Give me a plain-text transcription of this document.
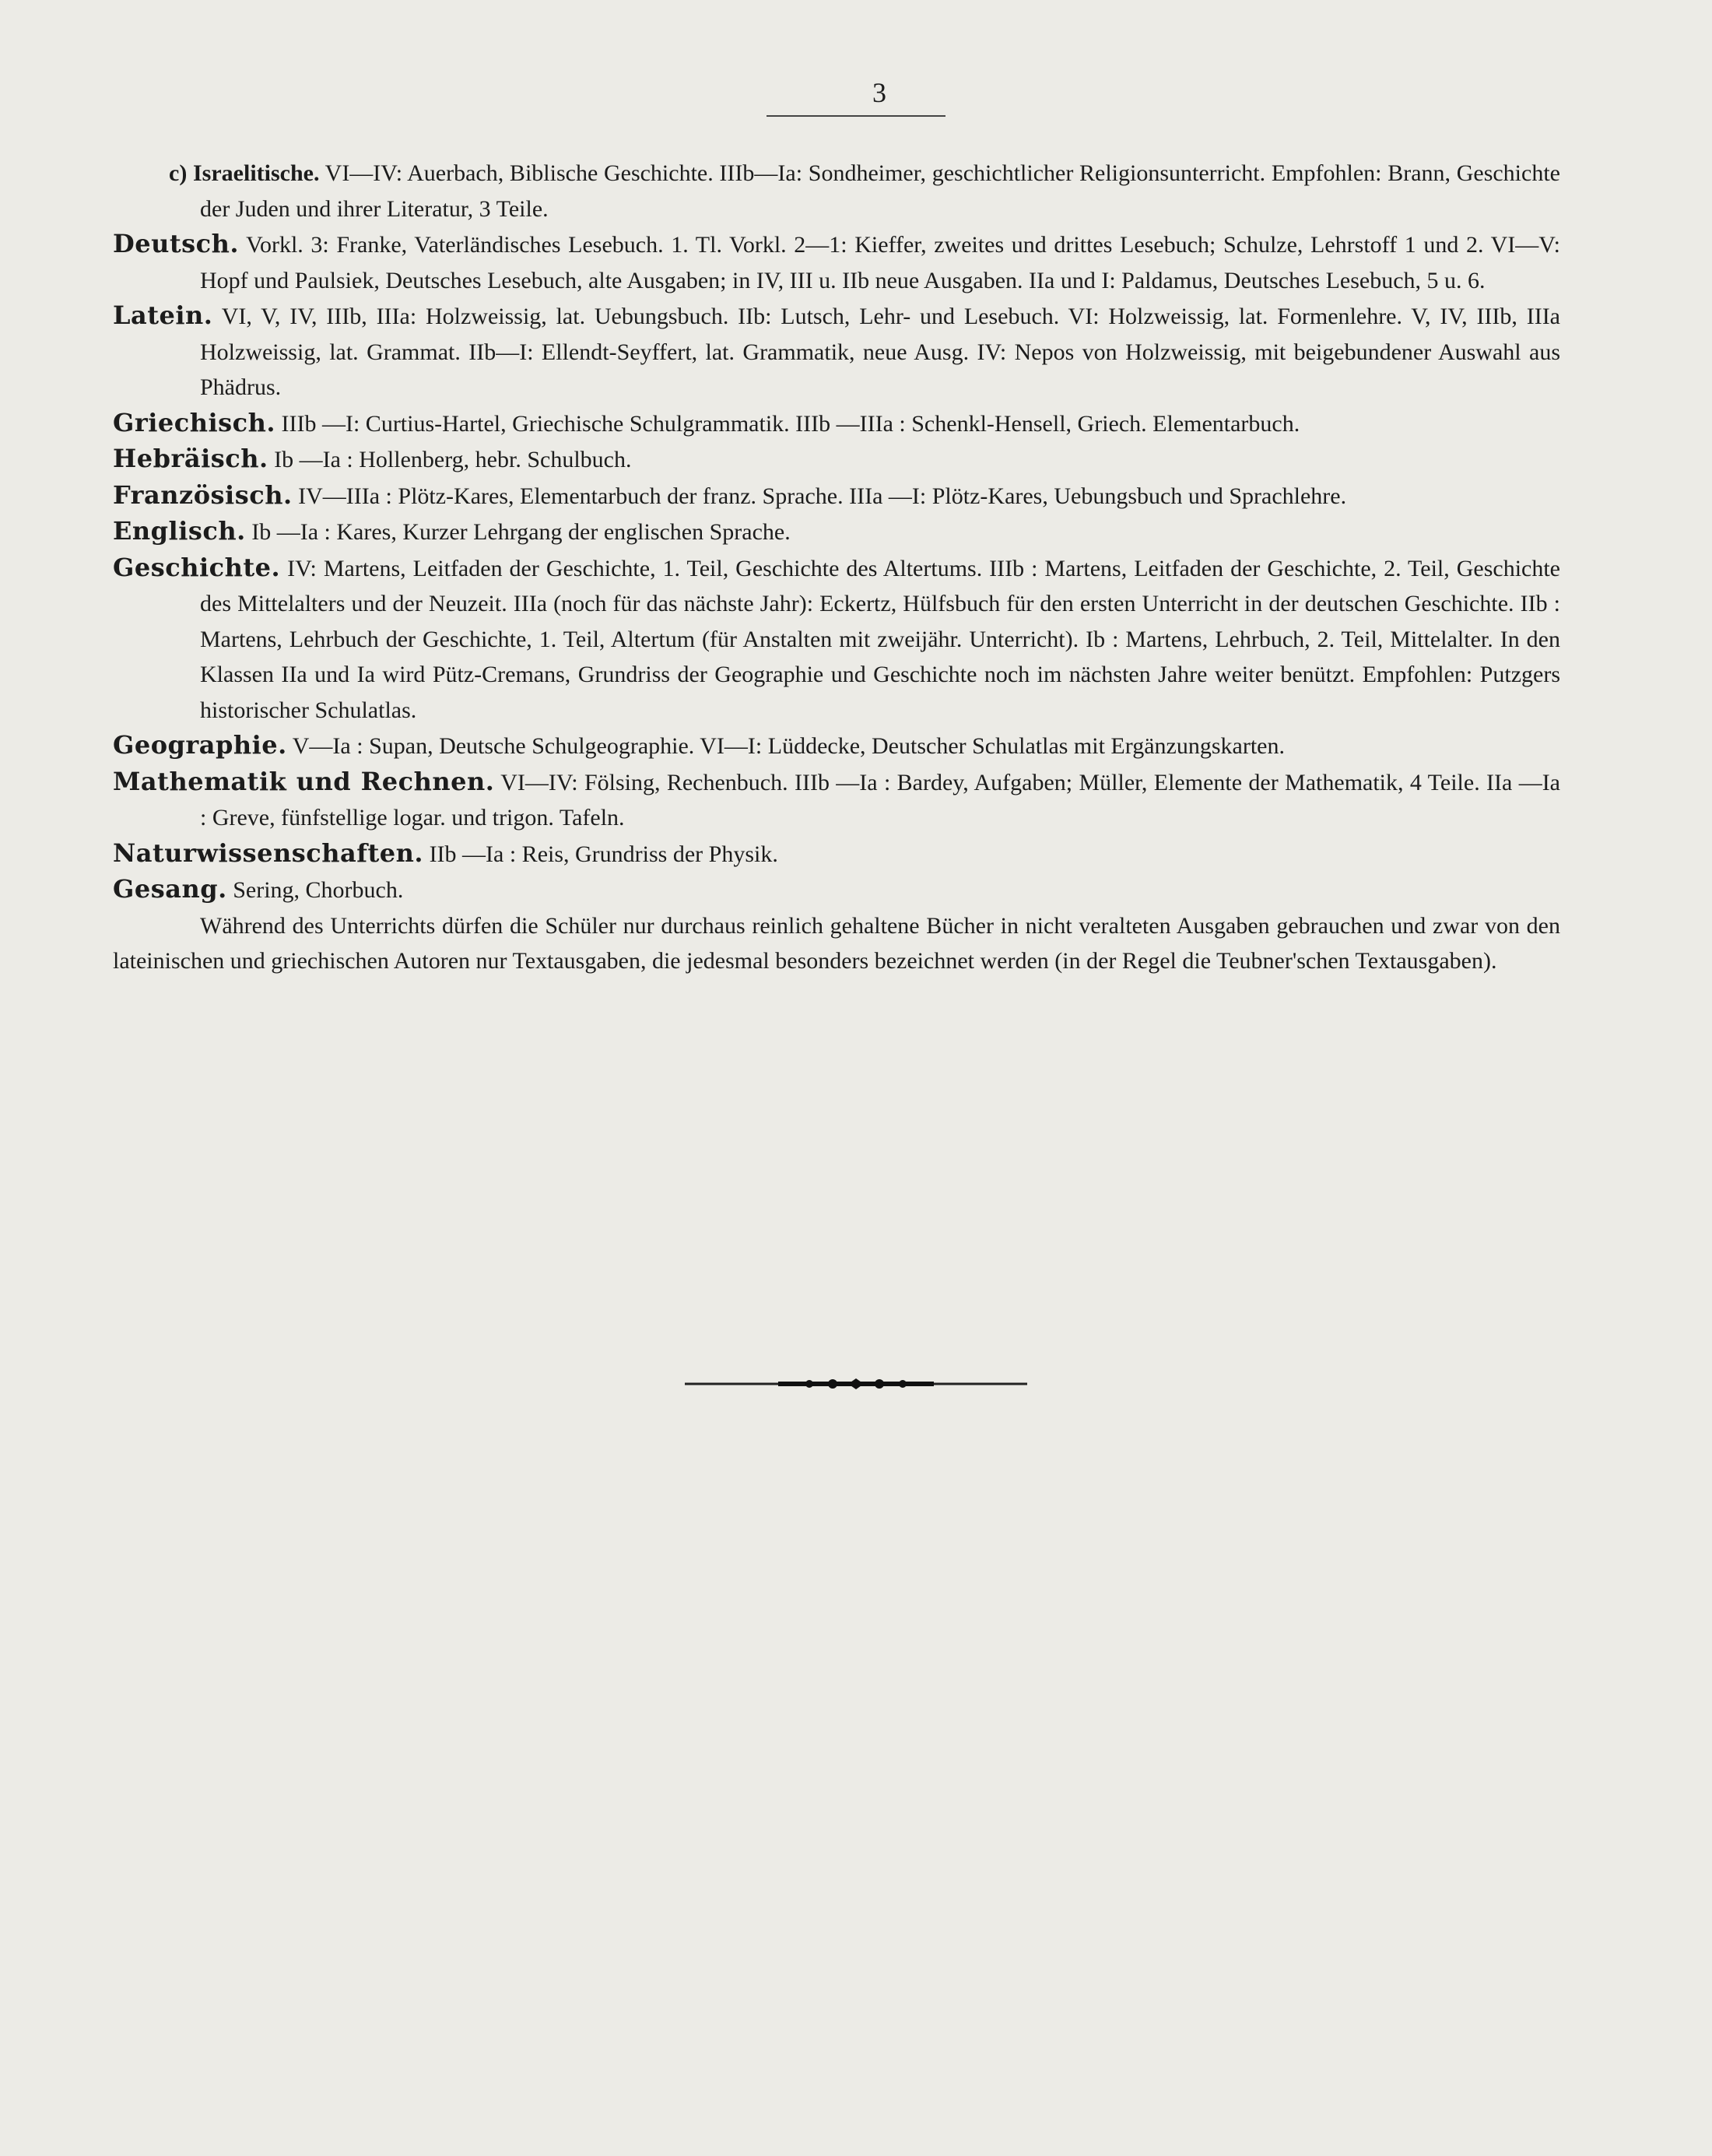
3

c) Israelitische. VI—IV: Auerbach, Biblische Geschichte. IIIb—Ia: Sondheimer, geschichtlicher Religionsunterricht. Empfohlen: Brann, Geschichte der Juden und ihrer Literatur, 3 Teile.

Deutsch. Vorkl. 3: Franke, Vaterländisches Lesebuch. 1. Tl. Vorkl. 2—1: Kieffer, zweites und drittes Lesebuch; Schulze, Lehrstoff 1 und 2. VI—V: Hopf und Paulsiek, Deutsches Lesebuch, alte Ausgaben; in IV, III u. IIb neue Ausgaben. IIa und I: Paldamus, Deutsches Lesebuch, 5 u. 6.

Latein. VI, V, IV, IIIb, IIIa: Holzweissig, lat. Uebungsbuch. IIb: Lutsch, Lehr- und Lesebuch. VI: Holzweissig, lat. Formenlehre. V, IV, IIIb, IIIa Holzweissig, lat. Grammat. IIb—I: Ellendt-Seyffert, lat. Grammatik, neue Ausg. IV: Nepos von Holzweissig, mit beigebundener Auswahl aus Phädrus.

Griechisch. IIIb —I: Curtius-Hartel, Griechische Schulgrammatik. IIIb —IIIa : Schenkl-Hensell, Griech. Elementarbuch.

Hebräisch. Ib —Ia : Hollenberg, hebr. Schulbuch.

Französisch. IV—IIIa : Plötz-Kares, Elementarbuch der franz. Sprache. IIIa —I: Plötz-Kares, Uebungsbuch und Sprachlehre.

Englisch. Ib —Ia : Kares, Kurzer Lehrgang der englischen Sprache.

Geschichte. IV: Martens, Leitfaden der Geschichte, 1. Teil, Geschichte des Altertums. IIIb : Martens, Leitfaden der Geschichte, 2. Teil, Geschichte des Mittelalters und der Neuzeit. IIIa (noch für das nächste Jahr): Eckertz, Hülfsbuch für den ersten Unterricht in der deutschen Geschichte. IIb : Martens, Lehrbuch der Geschichte, 1. Teil, Altertum (für Anstalten mit zweijähr. Unterricht). Ib : Martens, Lehrbuch, 2. Teil, Mittelalter. In den Klassen IIa und Ia wird Pütz-Cremans, Grundriss der Geographie und Geschichte noch im nächsten Jahre weiter benützt. Empfohlen: Putzgers historischer Schulatlas.

Geographie. V—Ia : Supan, Deutsche Schulgeographie. VI—I: Lüddecke, Deutscher Schulatlas mit Ergänzungskarten.

Mathematik und Rechnen. VI—IV: Fölsing, Rechenbuch. IIIb —Ia : Bardey, Aufgaben; Müller, Elemente der Mathematik, 4 Teile. IIa —Ia : Greve, fünfstellige logar. und trigon. Tafeln.

Naturwissenschaften. IIb —Ia : Reis, Grundriss der Physik.

Gesang. Sering, Chorbuch.

Während des Unterrichts dürfen die Schüler nur durchaus reinlich gehaltene Bücher in nicht veralteten Ausgaben gebrauchen und zwar von den lateinischen und griechischen Autoren nur Textausgaben, die jedesmal besonders bezeichnet werden (in der Regel die Teubner'schen Textausgaben).
